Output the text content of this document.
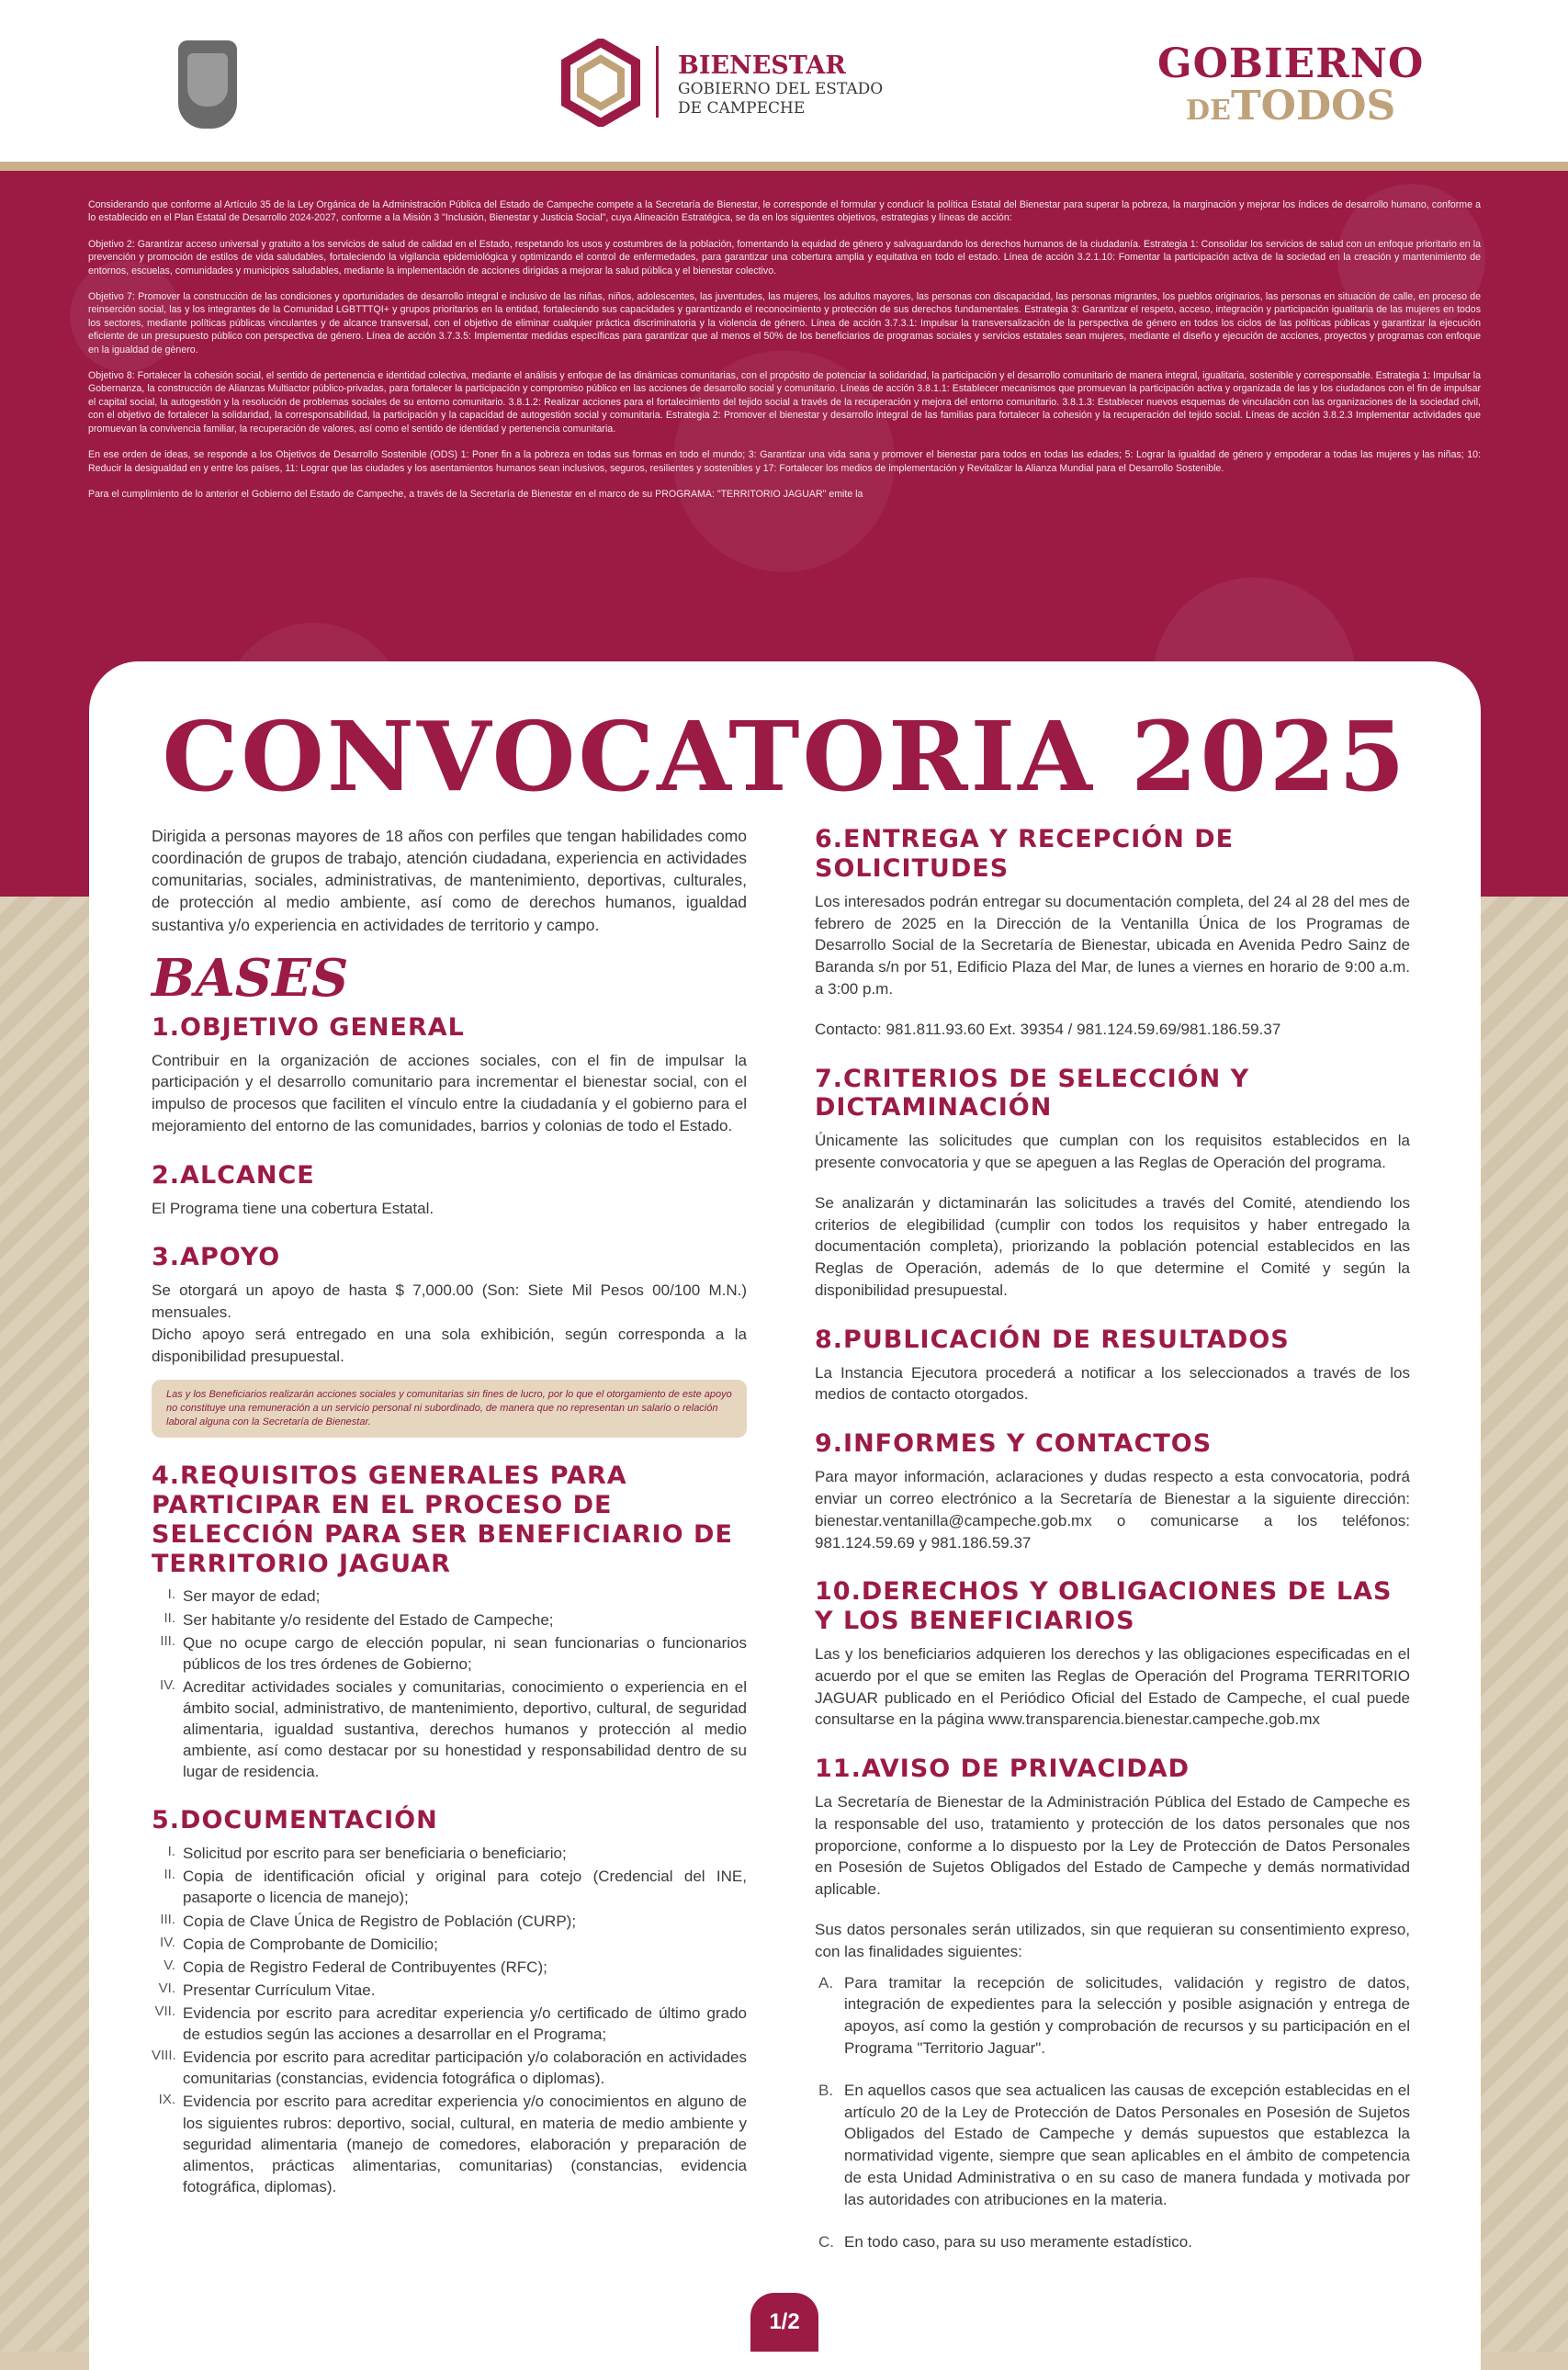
BIENESTAR
GOBIERNO DEL ESTADO
DE CAMPECHE
GOBIERNO
DETODOS

Considerando que conforme al Artículo 35 de la Ley Orgánica de la Administración Pública del Estado de Campeche compete a la Secretaría de Bienestar, le corresponde el formular y conducir la política Estatal del Bienestar para superar la pobreza, la marginación y mejorar los índices de desarrollo humano, conforme a lo establecido en el Plan Estatal de Desarrollo 2024-2027, conforme a la Misión 3 "Inclusión, Bienestar y Justicia Social", cuya Alineación Estratégica, se da en los siguientes objetivos, estrategias y líneas de acción:

Objetivo 2: Garantizar acceso universal y gratuito a los servicios de salud de calidad en el Estado, respetando los usos y costumbres de la población, fomentando la equidad de género y salvaguardando los derechos humanos de la ciudadanía. Estrategia 1: Consolidar los servicios de salud con un enfoque prioritario en la prevención y promoción de estilos de vida saludables, fortaleciendo la vigilancia epidemiológica y optimizando el control de enfermedades, para garantizar una cobertura amplia y equitativa en todo el estado. Línea de acción 3.2.1.10: Fomentar la participación activa de la sociedad en la creación y mantenimiento de entornos, escuelas, comunidades y municipios saludables, mediante la implementación de acciones dirigidas a mejorar la salud pública y el bienestar colectivo.

Objetivo 7: Promover la construcción de las condiciones y oportunidades de desarrollo integral e inclusivo de las niñas, niños, adolescentes, las juventudes, las mujeres, los adultos mayores, las personas con discapacidad, las personas migrantes, los pueblos originarios, las personas en situación de calle, en proceso de reinserción social, las y los integrantes de la Comunidad LGBTTTQI+ y grupos prioritarios en la entidad, fortaleciendo sus capacidades y garantizando el reconocimiento y protección de sus derechos fundamentales. Estrategia 3: Garantizar el respeto, acceso, integración y participación igualitaria de las mujeres en todos los sectores, mediante políticas públicas vinculantes y de alcance transversal, con el objetivo de eliminar cualquier práctica discriminatoria y la violencia de género. Línea de acción 3.7.3.1: Impulsar la transversalización de la perspectiva de género en todos los ciclos de las políticas públicas y garantizar la ejecución eficiente de un presupuesto público con perspectiva de género. Línea de acción 3.7.3.5: Implementar medidas específicas para garantizar que al menos el 50% de los beneficiarios de programas sociales y servicios estatales sean mujeres, mediante el diseño y ejecución de acciones, proyectos y programas con enfoque en la igualdad de género.

Objetivo 8: Fortalecer la cohesión social, el sentido de pertenencia e identidad colectiva, mediante el análisis y enfoque de las dinámicas comunitarias, con el propósito de potenciar la solidaridad, la participación y el desarrollo comunitario de manera integral, igualitaria, sostenible y corresponsable. Estrategia 1: Impulsar la Gobernanza, la construcción de Alianzas Multiactor público-privadas, para fortalecer la participación y compromiso público en las acciones de desarrollo social y comunitario. Líneas de acción 3.8.1.1: Establecer mecanismos que promuevan la participación activa y organizada de las y los ciudadanos con el fin de impulsar el capital social, la autogestión y la resolución de problemas sociales de su entorno comunitario. 3.8.1.2: Realizar acciones para el fortalecimiento del tejido social a través de la recuperación y mejora del entorno comunitario. 3.8.1.3: Establecer nuevos esquemas de vinculación con las organizaciones de la sociedad civil, con el objetivo de fortalecer la solidaridad, la corresponsabilidad, la participación y la capacidad de autogestión social y comunitaria. Estrategia 2: Promover el bienestar y desarrollo integral de las familias para fortalecer la cohesión y la recuperación del tejido social. Líneas de acción 3.8.2.3 Implementar actividades que promuevan la convivencia familiar, la recuperación de valores, así como el sentido de identidad y pertenencia comunitaria.

En ese orden de ideas, se responde a los Objetivos de Desarrollo Sostenible (ODS) 1: Poner fin a la pobreza en todas sus formas en todo el mundo; 3: Garantizar una vida sana y promover el bienestar para todos en todas las edades; 5: Lograr la igualdad de género y empoderar a todas las mujeres y las niñas; 10: Reducir la desigualdad en y entre los países, 11: Lograr que las ciudades y los asentamientos humanos sean inclusivos, seguros, resilientes y sostenibles y 17: Fortalecer los medios de implementación y Revitalizar la Alianza Mundial para el Desarrollo Sostenible.

Para el cumplimiento de lo anterior el Gobierno del Estado de Campeche, a través de la Secretaría de Bienestar en el marco de su PROGRAMA: "TERRITORIO JAGUAR" emite la

CONVOCATORIA 2025

Dirigida a personas mayores de 18 años con perfiles que tengan habilidades como coordinación de grupos de trabajo, atención ciudadana, experiencia en actividades comunitarias, sociales, administrativas, de mantenimiento, deportivas, culturales, de protección al medio ambiente, así como de derechos humanos, igualdad sustantiva y/o experiencia en actividades de territorio y campo.

BASES
1.OBJETIVO GENERAL

Contribuir en la organización de acciones sociales, con el fin de impulsar la participación y el desarrollo comunitario para incrementar el bienestar social, con el impulso de procesos que faciliten el vínculo entre la ciudadanía y el gobierno para el mejoramiento del entorno de las comunidades, barrios y colonias de todo el Estado.

2.ALCANCE

El Programa tiene una cobertura Estatal.

3.APOYO

Se otorgará un apoyo de hasta $ 7,000.00 (Son: Siete Mil Pesos 00/100 M.N.) mensuales.

Dicho apoyo será entregado en una sola exhibición, según corresponda a la disponibilidad presupuestal.

Las y los Beneficiarios realizarán acciones sociales y comunitarias sin fines de lucro, por lo que el otorgamiento de este apoyo no constituye una remuneración a un servicio personal ni subordinado, de manera que no representan un salario o relación laboral alguna con la Secretaría de Bienestar.
4.REQUISITOS GENERALES PARA PARTICIPAR EN EL PROCESO DE SELECCIÓN PARA SER BENEFICIARIO DE TERRITORIO JAGUAR
I. Ser mayor de edad;
II. Ser habitante y/o residente del Estado de Campeche;
III. Que no ocupe cargo de elección popular, ni sean funcionarias o funcionarios públicos de los tres órdenes de Gobierno;
IV. Acreditar actividades sociales y comunitarias, conocimiento o experiencia en el ámbito social, administrativo, de mantenimiento, deportivo, cultural, de seguridad alimentaria, igualdad sustantiva, derechos humanos y protección al medio ambiente, así como destacar por su honestidad y responsabilidad dentro de su lugar de residencia.
5.DOCUMENTACIÓN
I. Solicitud por escrito para ser beneficiaria o beneficiario;
II. Copia de identificación oficial y original para cotejo (Credencial del INE, pasaporte o licencia de manejo);
III. Copia de Clave Única de Registro de Población (CURP);
IV. Copia de Comprobante de Domicilio;
V. Copia de Registro Federal de Contribuyentes (RFC);
VI. Presentar Currículum Vitae.
VII. Evidencia por escrito para acreditar experiencia y/o certificado de último grado de estudios según las acciones a desarrollar en el Programa;
VIII. Evidencia por escrito para acreditar participación y/o colaboración en actividades comunitarias (constancias, evidencia fotográfica o diplomas).
IX. Evidencia por escrito para acreditar experiencia y/o conocimientos en alguno de los siguientes rubros: deportivo, social, cultural, en materia de medio ambiente y seguridad alimentaria (manejo de comedores, elaboración y preparación de alimentos, prácticas alimentarias, comunitarias) (constancias, evidencia fotográfica, diplomas).
6.ENTREGA Y RECEPCIÓN DE SOLICITUDES

Los interesados podrán entregar su documentación completa, del 24 al 28 del mes de febrero de 2025 en la Dirección de la Ventanilla Única de los Programas de Desarrollo Social de la Secretaría de Bienestar, ubicada en Avenida Pedro Sainz de Baranda s/n por 51, Edificio Plaza del Mar, de lunes a viernes en horario de 9:00 a.m. a 3:00 p.m.

Contacto: 981.811.93.60 Ext. 39354 / 981.124.59.69/981.186.59.37

7.CRITERIOS DE SELECCIÓN Y DICTAMINACIÓN

Únicamente las solicitudes que cumplan con los requisitos establecidos en la presente convocatoria y que se apeguen a las Reglas de Operación del programa.

Se analizarán y dictaminarán las solicitudes a través del Comité, atendiendo los criterios de elegibilidad (cumplir con todos los requisitos y haber entregado la documentación completa), priorizando la población potencial establecidos en las Reglas de Operación, además de lo que determine el Comité y según la disponibilidad presupuestal.

8.PUBLICACIÓN DE RESULTADOS

La Instancia Ejecutora procederá a notificar a los seleccionados a través de los medios de contacto otorgados.

9.INFORMES Y CONTACTOS

Para mayor información, aclaraciones y dudas respecto a esta convocatoria, podrá enviar un correo electrónico a la Secretaría de Bienestar a la siguiente dirección: bienestar.ventanilla@campeche.gob.mx o comunicarse a los teléfonos: 981.124.59.69 y 981.186.59.37

10.DERECHOS Y OBLIGACIONES DE LAS Y LOS BENEFICIARIOS

Las y los beneficiarios adquieren los derechos y las obligaciones especificadas en el acuerdo por el que se emiten las Reglas de Operación del Programa TERRITORIO JAGUAR publicado en el Periódico Oficial del Estado de Campeche, el cual puede consultarse en la página www.transparencia.bienestar.campeche.gob.mx

11.AVISO DE PRIVACIDAD

La Secretaría de Bienestar de la Administración Pública del Estado de Campeche es la responsable del uso, tratamiento y protección de los datos personales que nos proporcione, conforme a lo dispuesto por la Ley de Protección de Datos Personales en Posesión de Sujetos Obligados del Estado de Campeche y demás normatividad aplicable.

Sus datos personales serán utilizados, sin que requieran su consentimiento expreso, con las finalidades siguientes:

A. Para tramitar la recepción de solicitudes, validación y registro de datos, integración de expedientes para la selección y posible asignación y entrega de apoyos, así como la gestión y comprobación de recursos y su participación en el Programa "Territorio Jaguar".
B. En aquellos casos que sea actualicen las causas de excepción establecidas en el artículo 20 de la Ley de Protección de Datos Personales en Posesión de Sujetos Obligados del Estado de Campeche y demás supuestos que establezca la normatividad vigente, siempre que sean aplicables en el ámbito de competencia de esta Unidad Administrativa o en su caso de manera fundada y motivada por las autoridades con atribuciones en la materia.
C. En todo caso, para su uso meramente estadístico.
1/2
